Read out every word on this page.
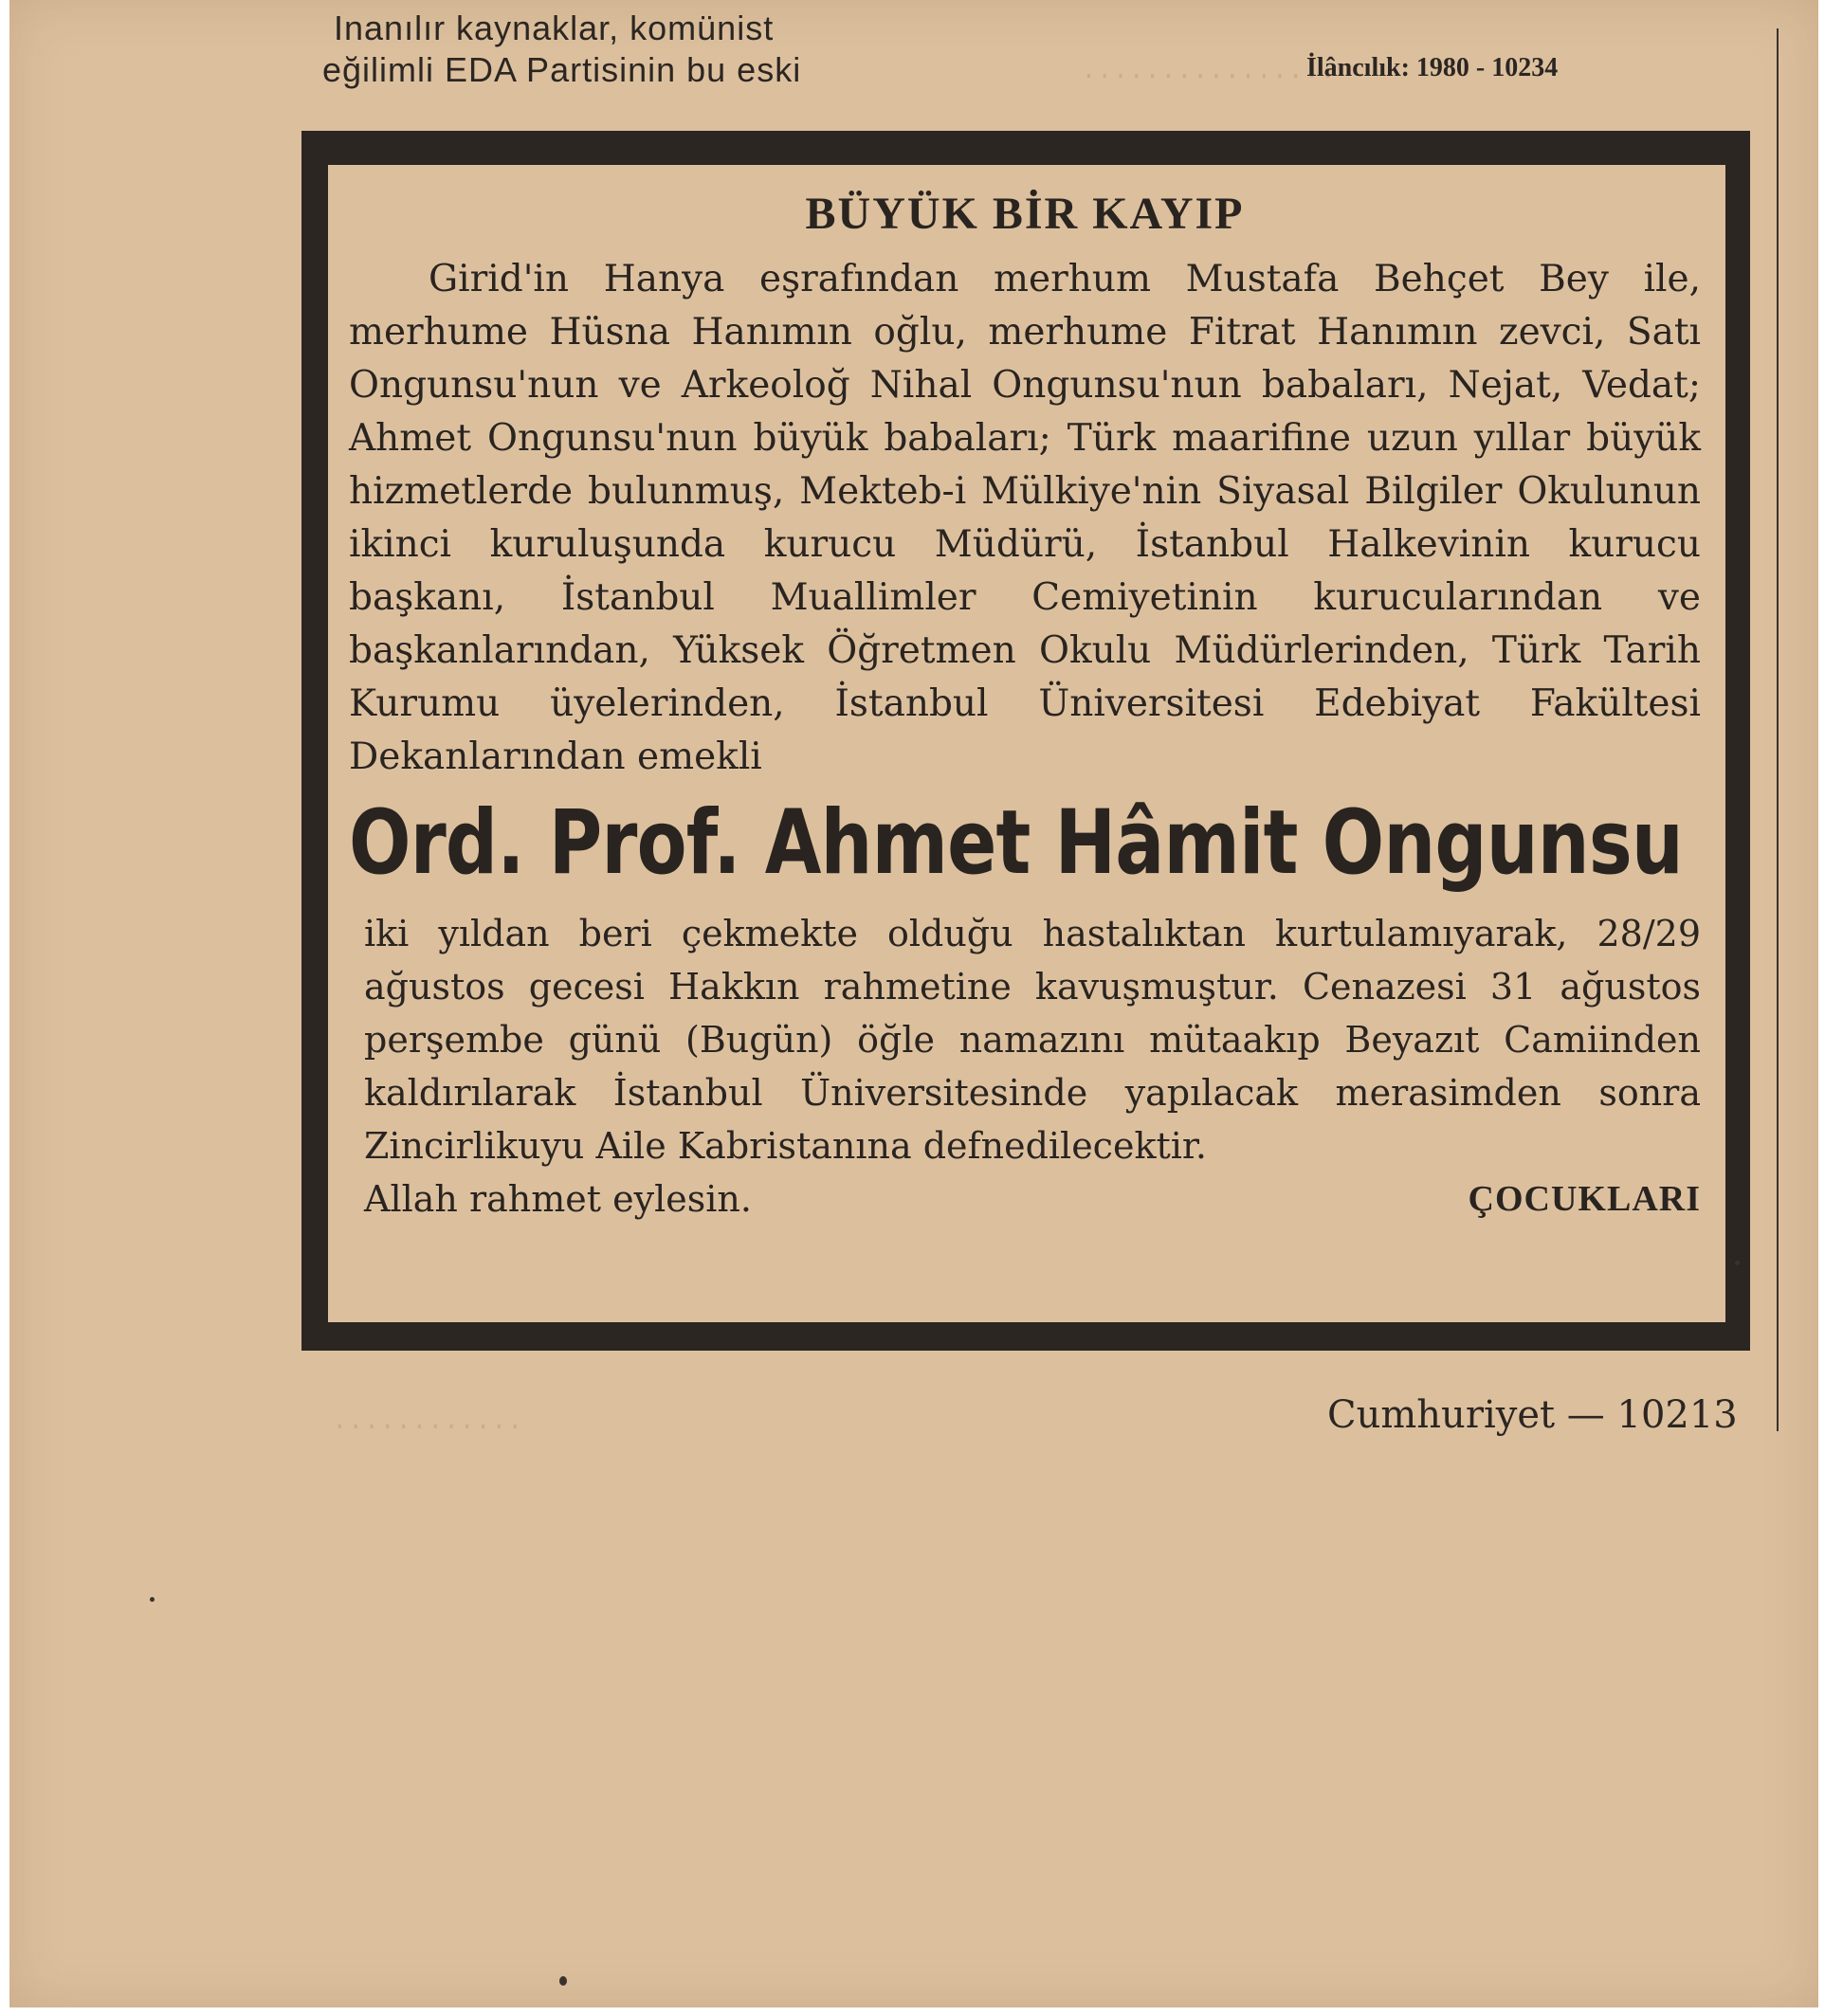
Inanılır kaynaklar, komünist
eğilimli EDA Partisinin bu eski	İlâncılık: 1980 - 10234
................
............
BÜYÜK BİR KAYIP
Girid'in Hanya eşrafından merhum Mustafa Behçet Bey ile, merhume Hüsna Hanımın oğlu, merhume Fitrat Hanımın zevci, Satı Ongunsu'nun ve Arkeoloğ Nihal Ongunsu'nun babaları, Nejat, Vedat; Ahmet Ongunsu'nun büyük babaları; Türk maarifine uzun yıllar büyük hizmetlerde bulunmuş, Mekteb-i Mülkiye'nin Siyasal Bilgiler Okulunun ikinci kuruluşunda kurucu Müdürü, İstanbul Halkevinin kurucu başkanı, İstanbul Muallimler Cemiyetinin kurucularından ve başkanlarından, Yüksek Öğretmen Okulu Müdürlerinden, Türk Tarih Kurumu üyelerinden, İstanbul Üniversitesi Edebiyat Fakültesi Dekanlarından emekli
Ord. Prof. Ahmet Hâmit Ongunsu
iki yıldan beri çekmekte olduğu hastalıktan kurtulamıyarak, 28/29 ağustos gecesi Hakkın rahmetine kavuşmuştur. Cenazesi 31 ağustos perşembe günü (Bugün) öğle namazını mütaakıp Beyazıt Camiinden kaldırılarak İstanbul Üniversitesinde yapılacak merasimden sonra Zincirlikuyu Aile Kabristanına defnedilecektir.
Allah rahmet eylesin.	ÇOCUKLARI
Cumhuriyet — 10213
